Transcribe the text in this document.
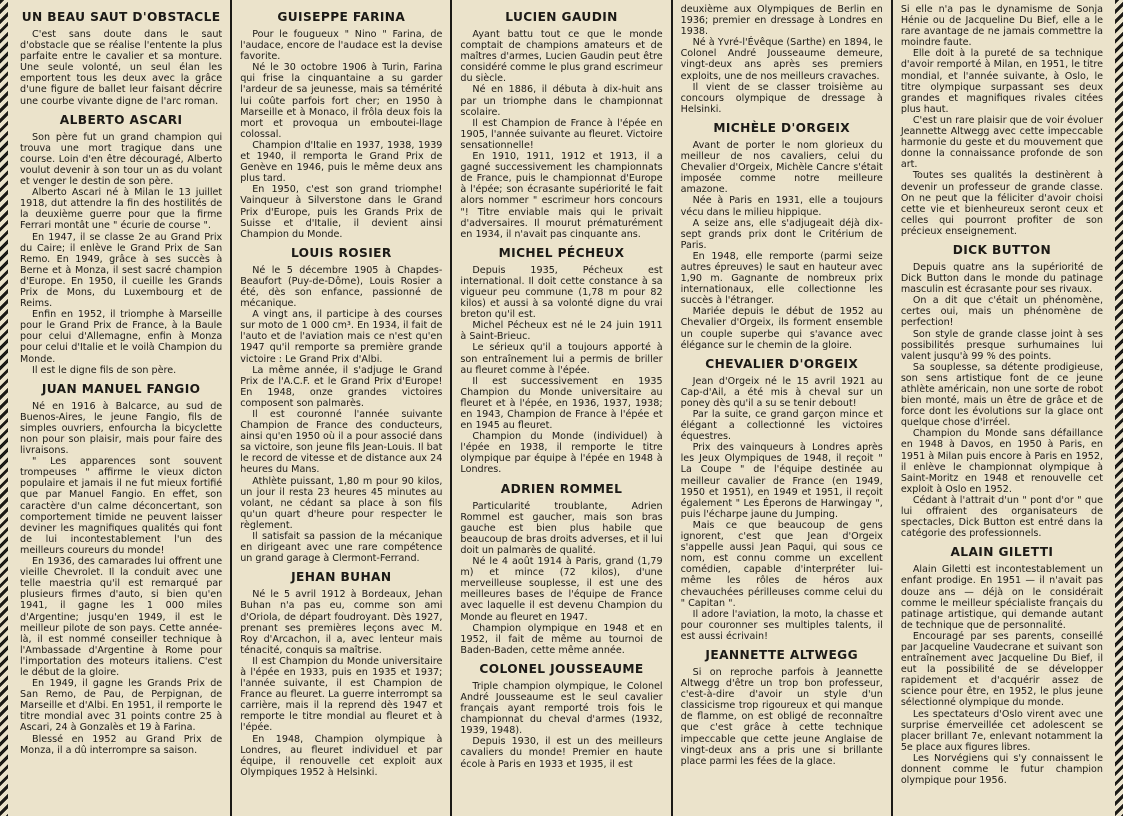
UN BEAU SAUT D'OBSTACLE

C'est sans doute dans le saut d'obstacle que se réalise l'entente la plus parfaite entre le cavalier et sa monture. Une seule volonté, un seul élan les emportent tous les deux avec la grâce d'une figure de ballet leur faisant décrire une courbe vivante digne de l'arc roman.

ALBERTO ASCARI

Son père fut un grand champion qui trouva une mort tragique dans une course. Loin d'en être découragé, Alberto voulut devenir à son tour un as du volant et venger le destin de son père.

Alberto Ascari né à Milan le 13 juillet 1918, dut attendre la fin des hostilités de la deuxième guerre pour que la firme Ferrari montât une " écurie de course ".

En 1947, il se classe 2e au Grand Prix du Caire; il enlève le Grand Prix de San Remo. En 1949, grâce à ses succès à Berne et à Monza, il sest sacré champion d'Europe. En 1950, il cueille les Grands Prix de Mons, du Luxembourg et de Reims.

Enfin en 1952, il triomphe à Marseille pour le Grand Prix de France, à la Baule pour celui d'Allemagne, enfin à Monza pour celui d'Italie et le voilà Champion du Monde.

Il est le digne fils de son père.

JUAN MANUEL FANGIO

Né en 1916 à Balcarce, au sud de Buenos-Aires, le jeune Fangio, fils de simples ouvriers, enfourcha la bicyclette non pour son plaisir, mais pour faire des livraisons.

" Les apparences sont souvent trompeuses " affirme le vieux dicton populaire et jamais il ne fut mieux fortifié que par Manuel Fangio. En effet, son caractère d'un calme déconcertant, son comportement timide ne peuvent laisser deviner les magnifiques qualités qui font de lui incontestablement l'un des meilleurs coureurs du monde!

En 1936, des camarades lui offrent une vieille Chevrolet. Il la conduit avec une telle maestria qu'il est remarqué par plusieurs firmes d'auto, si bien qu'en 1941, il gagne les 1 000 miles d'Argentine; jusqu'en 1949, il est le meilleur pilote de son pays. Cette année-là, il est nommé conseiller technique à l'Ambassade d'Argentine à Rome pour l'importation des moteurs italiens. C'est le début de la gloire.

En 1949, il gagne les Grands Prix de San Remo, de Pau, de Perpignan, de Marseille et d'Albi. En 1951, il remporte le titre mondial avec 31 points contre 25 à Ascari, 24 à Gonzalès et 19 à Farina.

Blessé en 1952 au Grand Prix de Monza, il a dû interrompre sa saison.

GUISEPPE FARINA

Pour le fougueux " Nino " Farina, de l'audace, encore de l'audace est la devise favorite.

Né le 30 octobre 1906 à Turin, Farina qui frise la cinquantaine a su garder l'ardeur de sa jeunesse, mais sa témérité lui coûte parfois fort cher; en 1950 à Marseille et à Monaco, il frôla deux fois la mort et provoqua un emboutei-llage colossal.

Champion d'Italie en 1937, 1938, 1939 et 1940, il remporta le Grand Prix de Genève en 1946, puis le même deux ans plus tard.

En 1950, c'est son grand triomphe! Vainqueur à Silverstone dans le Grand Prix d'Europe, puis les Grands Prix de Suisse et d'Italie, il devient ainsi Champion du Monde.

LOUIS ROSIER

Né le 5 décembre 1905 à Chapdes-Beaufort (Puy-de-Dôme), Louis Rosier a été, dès son enfance, passionné de mécanique.

A vingt ans, il participe à des courses sur moto de 1 000 cm³. En 1934, il fait de l'auto et de l'aviation mais ce n'est qu'en 1947 qu'il remporte sa première grande victoire : Le Grand Prix d'Albi.

La même année, il s'adjuge le Grand Prix de l'A.C.F. et le Grand Prix d'Europe! En 1948, onze grandes victoires composent son palmarès.

Il est couronné l'année suivante Champion de France des conducteurs, ainsi qu'en 1950 où il a pour associé dans sa victoire, son jeune fils Jean-Louis. Il bat le record de vitesse et de distance aux 24 heures du Mans.

Athlète puissant, 1,80 m pour 90 kilos, un jour il resta 23 heures 45 minutes au volant, ne cédant sa place à son fils qu'un quart d'heure pour respecter le règlement.

Il satisfait sa passion de la mécanique en dirigeant avec une rare compétence un grand garage à Clermont-Ferrand.

JEHAN BUHAN

Né le 5 avril 1912 à Bordeaux, Jehan Buhan n'a pas eu, comme son ami d'Oriola, de départ foudroyant. Dès 1927, prenant ses premières leçons avec M. Roy d'Arcachon, il a, avec lenteur mais ténacité, conquis sa maîtrise.

Il est Champion du Monde universitaire à l'épée en 1933, puis en 1935 et 1937; l'année suivante, il est Champion de France au fleuret. La guerre interrompt sa carrière, mais il la reprend dès 1947 et remporte le titre mondial au fleuret et à l'épée.

En 1948, Champion olympique à Londres, au fleuret individuel et par équipe, il renouvelle cet exploit aux Olympiques 1952 à Helsinki.

LUCIEN GAUDIN

Ayant battu tout ce que le monde comptait de champions amateurs et de maîtres d'armes, Lucien Gaudin peut être considéré comme le plus grand escrimeur du siècle.

Né en 1886, il débuta à dix-huit ans par un triomphe dans le championnat scolaire.

Il est Champion de France à l'épée en 1905, l'année suivante au fleuret. Victoire sensationnelle!

En 1910, 1911, 1912 et 1913, il a gagné successivement les championnats de France, puis le championnat d'Europe à l'épée; son écrasante supériorité le fait alors nommer " escrimeur hors concours "! Titre enviable mais qui le privait d'adversaires. Il mourut prématurément en 1934, il n'avait pas cinquante ans.

MICHEL PÉCHEUX

Depuis 1935, Pécheux est international. Il doit cette constance à sa vigueur peu commune (1,78 m pour 82 kilos) et aussi à sa volonté digne du vrai breton qu'il est.

Michel Pécheux est né le 24 juin 1911 à Saint-Brieuc.

Le sérieux qu'il a toujours apporté à son entraînement lui a permis de briller au fleuret comme à l'épée.

Il est successivement en 1935 Champion du Monde universitaire au fleuret et à l'épée, en 1936, 1937, 1938; en 1943, Champion de France à l'épée et en 1945 au fleuret.

Champion du Monde (individuel) à l'épée en 1938, il remporte le titre olympique par équipe à l'épée en 1948 à Londres.

ADRIEN ROMMEL

Particularité troublante, Adrien Rommel est gaucher, mais son bras gauche est bien plus habile que beaucoup de bras droits adverses, et il lui doit un palmarès de qualité.

Né le 4 août 1914 à Paris, grand (1,79 m) et mince (72 kilos), d'une merveilleuse souplesse, il est une des meilleures bases de l'équipe de France avec laquelle il est devenu Champion du Monde au fleuret en 1947.

Champion olympique en 1948 et en 1952, il fait de même au tournoi de Baden-Baden, cette même année.

COLONEL JOUSSEAUME

Triple champion olympique, le Colonel André Jousseaume est le seul cavalier français ayant remporté trois fois le championnat du cheval d'armes (1932, 1939, 1948).

Depuis 1930, il est un des meilleurs cavaliers du monde! Premier en haute école à Paris en 1933 et 1935, il est

deuxième aux Olympiques de Berlin en 1936; premier en dressage à Londres en 1938.

Né à Yvré-l'Évêque (Sarthe) en 1894, le Colonel André Jousseaume demeure, vingt-deux ans après ses premiers exploits, une de nos meilleurs cravaches.

Il vient de se classer troisième au concours olympique de dressage à Helsinki.

MICHÈLE D'ORGEIX

Avant de porter le nom glorieux du meilleur de nos cavaliers, celui du Chevalier d'Orgeix, Michèle Cancre s'était imposée comme notre meilleure amazone.

Née à Paris en 1931, elle a toujours vécu dans le milieu hippique.

A seize ans, elle s'adjugeait déjà dix-sept grands prix dont le Critérium de Paris.

En 1948, elle remporte (parmi seize autres épreuves) le saut en hauteur avec 1,90 m. Gagnante de nombreux prix internationaux, elle collectionne les succès à l'étranger.

Mariée depuis le début de 1952 au Chevalier d'Orgeix, ils forment ensemble un couple superbe qui s'avance avec élégance sur le chemin de la gloire.

CHEVALIER D'ORGEIX

Jean d'Orgeix né le 15 avril 1921 au Cap-d'Ail, a été mis à cheval sur un poney dès qu'il a su se tenir debout!

Par la suite, ce grand garçon mince et élégant a collectionné les victoires équestres.

Prix des vainqueurs à Londres après les Jeux Olympiques de 1948, il reçoit " La Coupe " de l'équipe destinée au meilleur cavalier de France (en 1949, 1950 et 1951), en 1949 et 1951, il reçoit également " Les Éperons de Harwingay ", puis l'écharpe jaune du Jumping.

Mais ce que beaucoup de gens ignorent, c'est que Jean d'Orgeix s'appelle aussi Jean Paqui, qui sous ce nom, est connu comme un excellent comédien, capable d'interpréter lui-même les rôles de héros aux chevauchées périlleuses comme celui du " Capitan ".

Il adore l'aviation, la moto, la chasse et pour couronner ses multiples talents, il est aussi écrivain!

JEANNETTE ALTWEGG

Si on reproche parfois à Jeannette Altwegg d'être un trop bon professeur, c'est-à-dire d'avoir un style d'un classicisme trop rigoureux et qui manque de flamme, on est obligé de reconnaître que c'est grâce à cette technique impeccable que cette jeune Anglaise de vingt-deux ans a pris une si brillante place parmi les fées de la glace.

Si elle n'a pas le dynamisme de Sonja Hénie ou de Jacqueline Du Bief, elle a le rare avantage de ne jamais commettre la moindre faute.

Elle doit à la pureté de sa technique d'avoir remporté à Milan, en 1951, le titre mondial, et l'année suivante, à Oslo, le titre olympique surpassant ses deux grandes et magnifiques rivales citées plus haut.

C'est un rare plaisir que de voir évoluer Jeannette Altwegg avec cette impeccable harmonie du geste et du mouvement que donne la connaissance profonde de son art.

Toutes ses qualités la destinèrent à devenir un professeur de grande classe. On ne peut que la féliciter d'avoir choisi cette vie et bienheureux seront ceux et celles qui pourront profiter de son précieux enseignement.

DICK BUTTON

Depuis quatre ans la supériorité de Dick Button dans le monde du patinage masculin est écrasante pour ses rivaux.

On a dit que c'était un phénomène, certes oui, mais un phénomène de perfection!

Son style de grande classe joint à ses possibilités presque surhumaines lui valent jusqu'à 99 % des points.

Sa souplesse, sa détente prodigieuse, son sens artistique font de ce jeune athlète américain, non une sorte de robot bien monté, mais un être de grâce et de force dont les évolutions sur la glace ont quelque chose d'irréel.

Champion du Monde sans défaillance en 1948 à Davos, en 1950 à Paris, en 1951 à Milan puis encore à Paris en 1952, il enlève le championnat olympique à Saint-Moritz en 1948 et renouvelle cet exploit à Oslo en 1952.

Cédant à l'attrait d'un " pont d'or " que lui offraient des organisateurs de spectacles, Dick Button est entré dans la catégorie des professionnels.

ALAIN GILETTI

Alain Giletti est incontestablement un enfant prodige. En 1951 — il n'avait pas douze ans — déjà on le considérait comme le meilleur spécialiste français du patinage artistique, qui demande autant de technique que de personnalité.

Encouragé par ses parents, conseillé par Jacqueline Vaudecrane et suivant son entraînement avec Jacqueline Du Bief, il eut la possibilité de se développer rapidement et d'acquérir assez de science pour être, en 1952, le plus jeune sélectionné olympique du monde.

Les spectateurs d'Oslo virent avec une surprise émerveillée cet adolescent se placer brillant 7e, enlevant notamment la 5e place aux figures libres.

Les Norvégiens qui s'y connaissent le donnent comme le futur champion olympique pour 1956.
